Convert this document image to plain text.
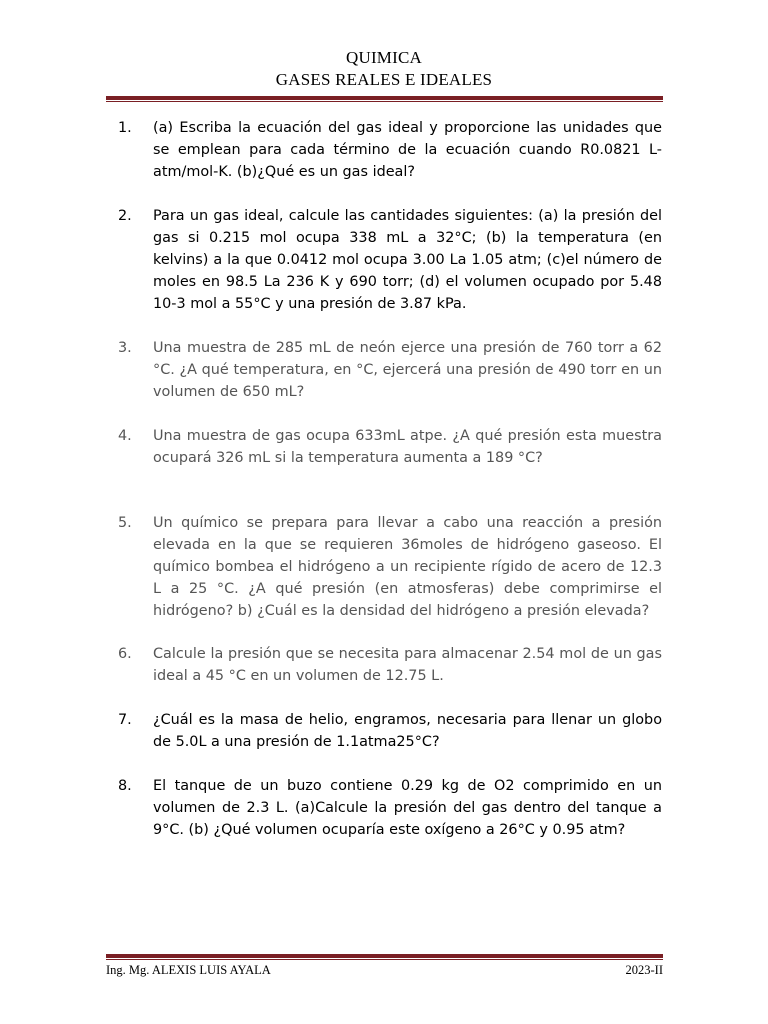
QUIMICA
GASES REALES E IDEALES
1.	(a) Escriba la ecuación del gas ideal y proporcione las unidades que se emplean para cada término de la ecuación cuando R0.0821 L-atm/mol-K. (b)¿Qué es un gas ideal?
2.	Para un gas ideal, calcule las cantidades siguientes: (a) la presión del gas si 0.215 mol ocupa 338 mL a 32°C; (b) la temperatura (en kelvins) a la que 0.0412 mol ocupa 3.00 La 1.05 atm; (c)el número de moles en 98.5 La 236 K y 690 torr; (d) el volumen ocupado por 5.48 10-3 mol a 55°C y una presión de 3.87 kPa.
3.	Una muestra de 285 mL de neón ejerce una presión de 760 torr a 62 °C. ¿A qué temperatura, en °C, ejercerá una presión de 490 torr en un volumen de 650 mL?
4.	Una muestra de gas ocupa 633mL atpe. ¿A qué presión esta muestra ocupará 326 mL si la temperatura aumenta a 189 °C?
5.	Un químico se prepara para llevar a cabo una reacción a presión elevada en la que se requieren 36moles de hidrógeno gaseoso. El químico bombea el hidrógeno a un recipiente rígido de acero de 12.3 L a 25 °C. ¿A qué presión (en atmosferas) debe comprimirse el hidrógeno? b) ¿Cuál es la densidad del hidrógeno a presión elevada?
6.	Calcule la presión que se necesita para almacenar 2.54 mol de un gas ideal a 45 °C en un volumen de 12.75 L.
7.	¿Cuál es la masa de helio, engramos, necesaria para llenar un globo de 5.0L a una presión de 1.1atma25°C?
8.	El tanque de un buzo contiene 0.29 kg de O2 comprimido en un volumen de 2.3 L. (a)Calcule la presión del gas dentro del tanque a 9°C. (b) ¿Qué volumen ocuparía este oxígeno a 26°C y 0.95 atm?
Ing. Mg. ALEXIS LUIS AYALA	2023-II
